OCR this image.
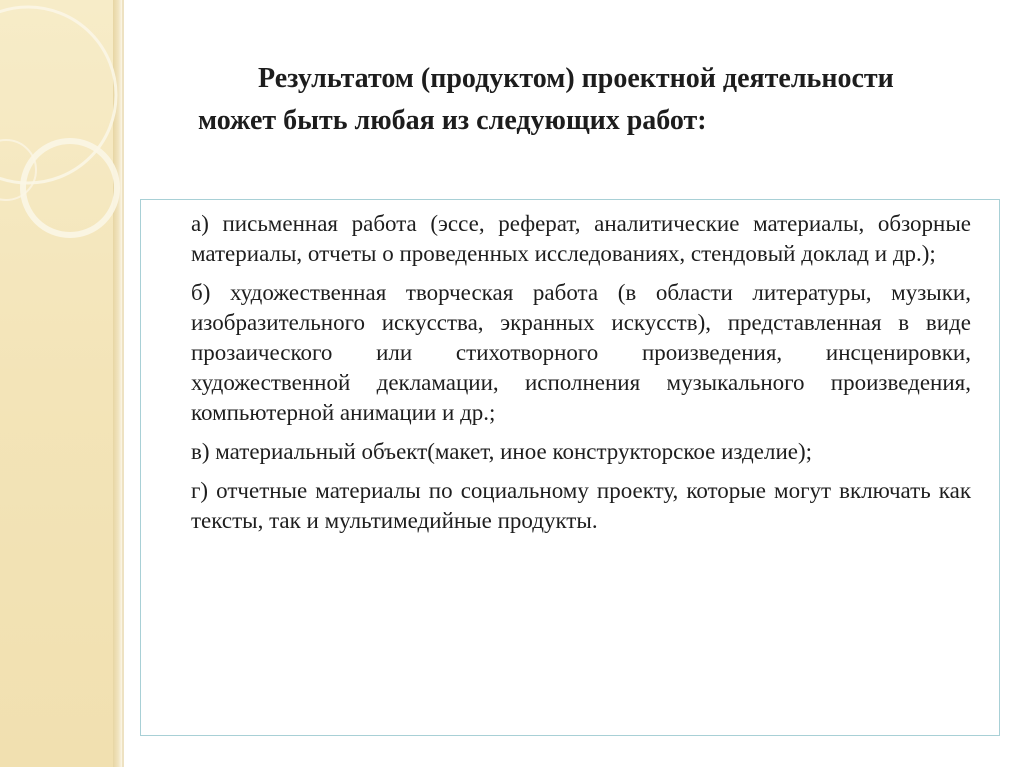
Результатом (продуктом) проектной деятельности может быть любая из следующих работ:

а) письменная работа (эссе, реферат, аналитические материалы, обзорные материалы, отчеты о проведенных исследованиях, стендовый доклад и др.);

б) художественная творческая работа (в области литературы, музыки, изобразительного искусства, экранных искусств), представленная в виде прозаического или стихотворного произведения, инсценировки, художественной декламации, исполнения музыкального произведения, компьютерной анимации и др.;

в) материальный объект(макет, иное конструкторское изделие);

г) отчетные материалы по социальному проекту, которые могут включать как тексты, так и мультимедийные продукты.
